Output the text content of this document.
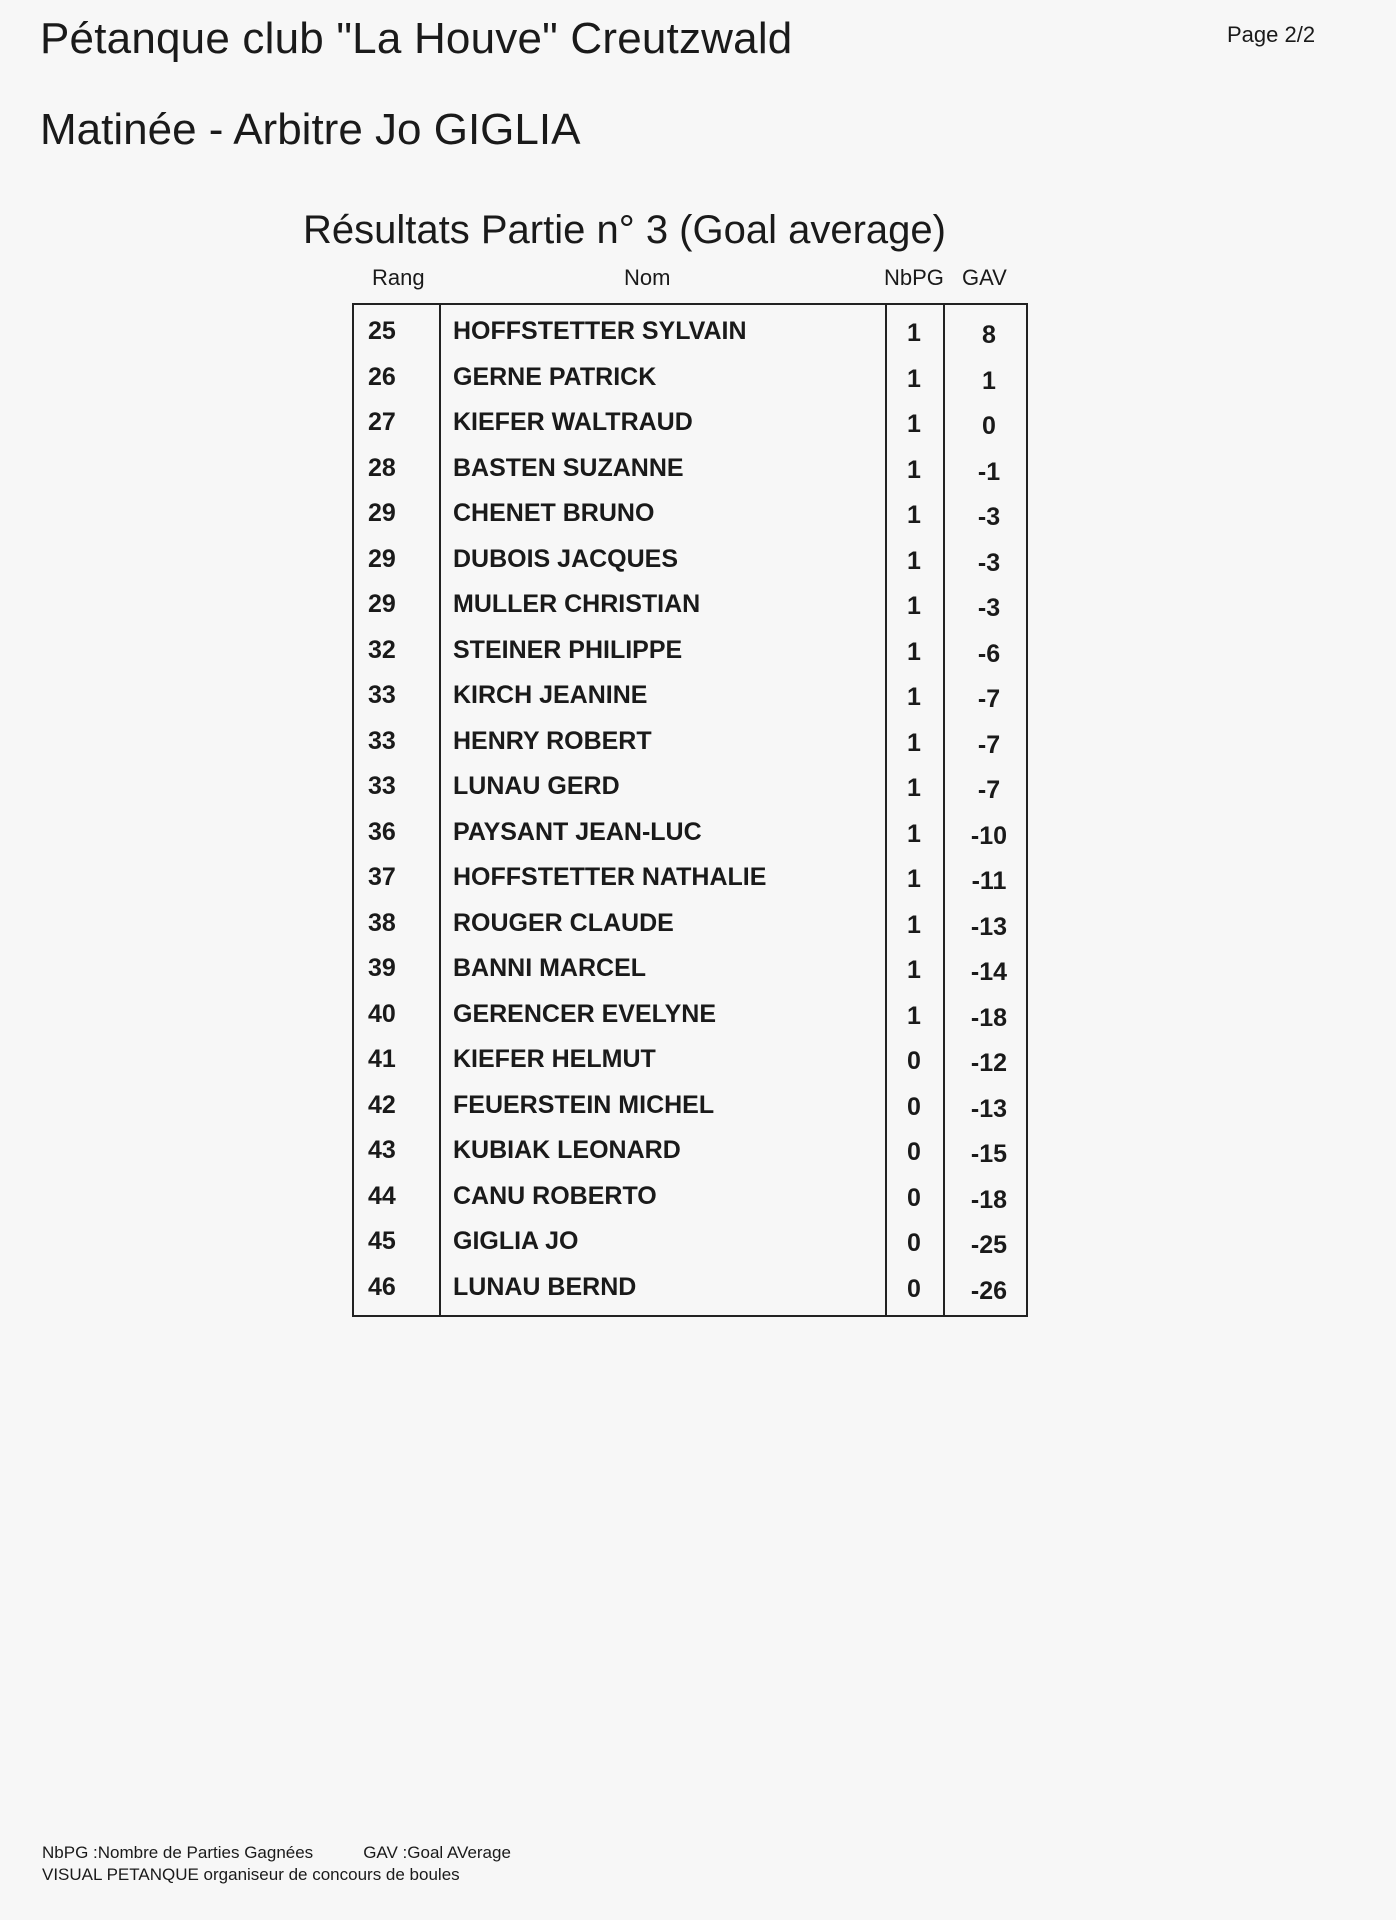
Pétanque club "La Houve" Creutzwald	Page 2/2
Matinée - Arbitre Jo GIGLIA
Résultats Partie n° 3 (Goal average)
Rang	Nom	NbPG GAV
25 HOFFSTETTER SYLVAIN	1	8
26 GERNE PATRICK	1	1
27 KIEFER WALTRAUD	1	0
28 BASTEN SUZANNE	1	-1
29 CHENET BRUNO	1	-3
29 DUBOIS JACQUES	1	-3
29 MULLER CHRISTIAN	1	-3
32 STEINER PHILIPPE	1	-6
33 KIRCH JEANINE	1	-7
33 HENRY ROBERT	1	-7
33 LUNAU GERD	1	-7
36 PAYSANT JEAN-LUC	1	-10
37 HOFFSTETTER NATHALIE	1	-11
38 ROUGER CLAUDE	1	-13
39 BANNI MARCEL	1	-14
40 GERENCER EVELYNE	1	-18
41 KIEFER HELMUT	0	-12
42 FEUERSTEIN MICHEL	0	-13
43 KUBIAK LEONARD	0	-15
44 CANU ROBERTO	0	-18
45 GIGLIA JO	0	-25
46 LUNAU BERND	0	-26
NbPG :Nombre de Parties Gagnées	GAV :Goal AVerage
VISUAL PETANQUE organiseur de concours de boules
